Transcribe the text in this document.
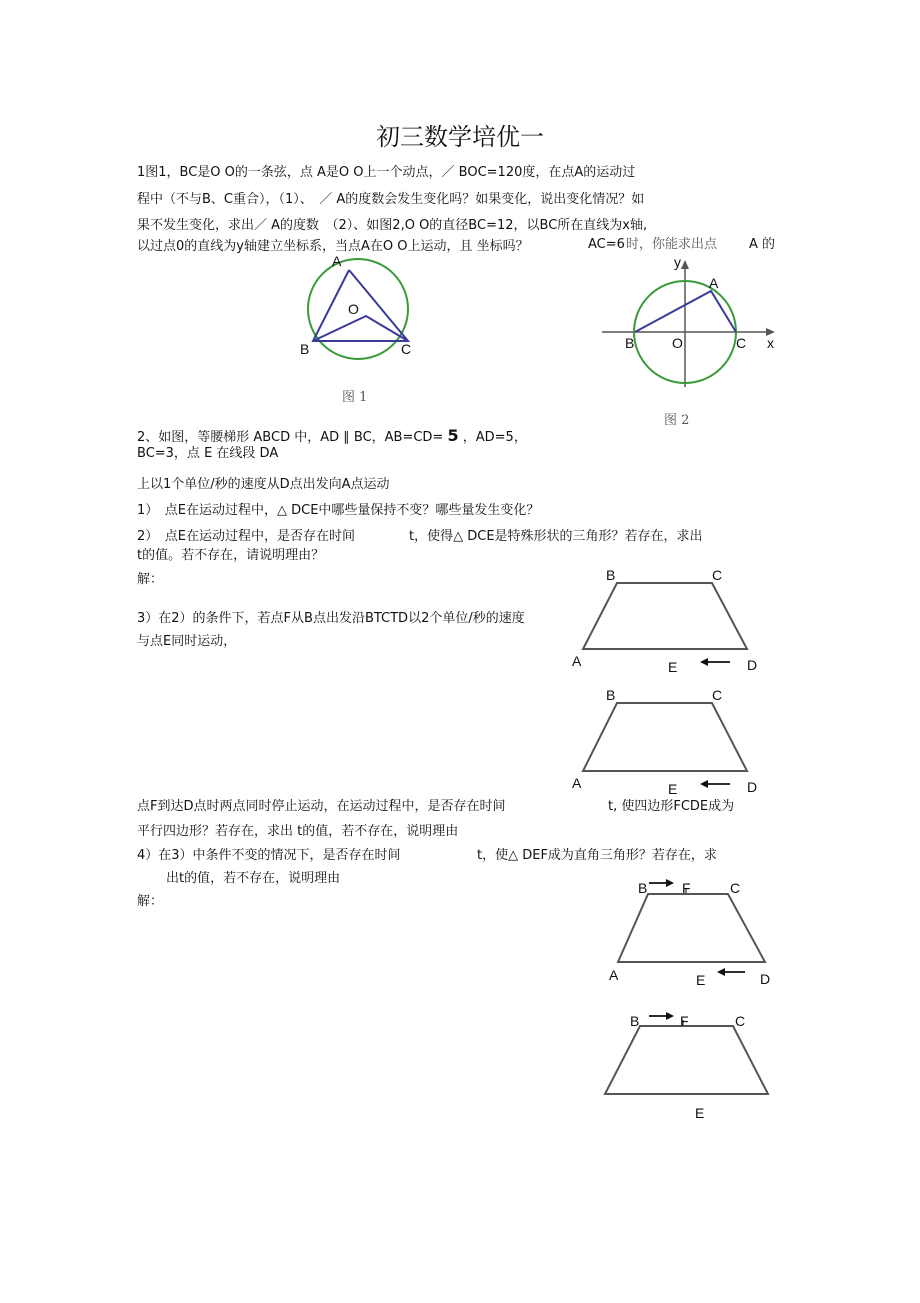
初三数学培优一
1图1，BC是O O的一条弦，点 A是O O上一个动点，／ BOC=120度，在点A的运动过
程中（不与B、C重合），（1）、　／ A的度数会发生变化吗？如果变化，说出变化情况？如
果不发生变化，求出／ A的度数　（2）、如图2,O O的直径BC=12，以BC所在直线为x轴,
以过点0的直线为y轴建立坐标系，当点A在O O上运动，且 坐标吗？	AC=6 时，你能求出点 A 的
A
O
B	C
图 1
y
A
B	O	C x
图 2
2、如图，等腰梯形 ABCD 中，AD ∥ BC，AB=CD= 5 ，AD=5，
BC=3，点 E 在线段 DA
上以1个单位/秒的速度从D点出发向A点运动
1）　点E在运动过程中，△ DCE中哪些量保持不变？哪些量发生变化？
2）　点E在运动过程中，是否存在时间	t，使得△ DCE是特殊形状的三角形？若存在，求出
t的值。若不存在，请说明理由？
解：
3）在2）的条件下，若点F从B点出发沿BTCTD以2个单位/秒的速度
与点E同时运动，
B	C
A	E	D
B	C
A	E	D
点F到达D点时两点同时停止运动，在运动过程中，是否存在时间	t, 使四边形FCDE成为
平行四边形？若存在，求出 t的值，若不存在，说明理由
4）在3）中条件不变的情况下，是否存在时间	t，使△ DEF成为直角三角形？若存在，求
出t的值，若不存在，说明理由
解：
B F	C
A	E	D
B	F	C
E
